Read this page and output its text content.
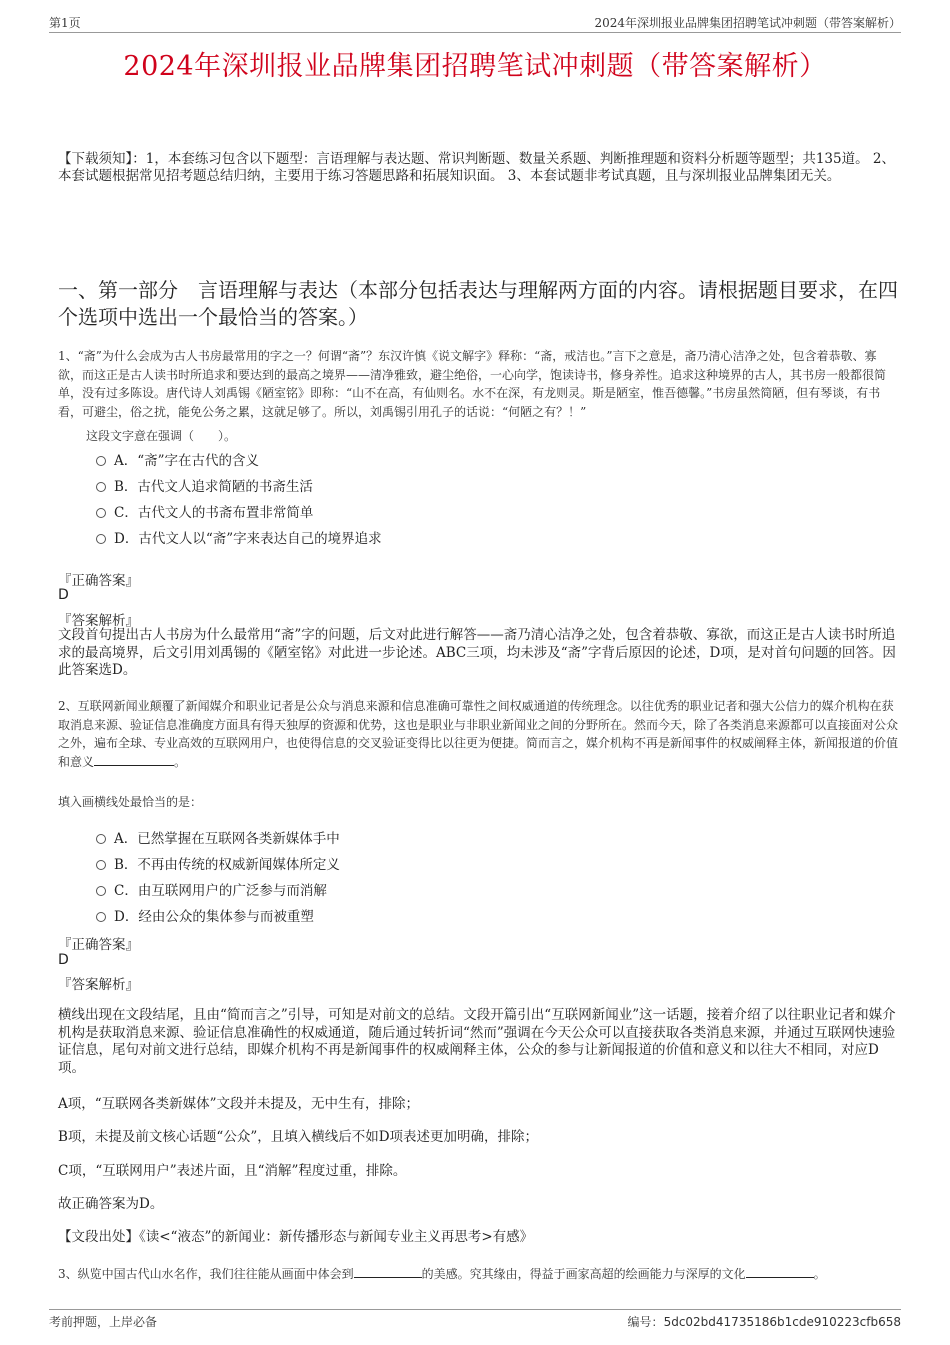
第1页	2024年深圳报业品牌集团招聘笔试冲刺题（带答案解析）
2024年深圳报业品牌集团招聘笔试冲刺题（带答案解析）
【下载须知】：1，本套练习包含以下题型：言语理解与表达题、常识判断题、数量关系题、判断推理题和资料分析题等题型；共135道。 2、本套试题根据常见招考题总结归纳，主要用于练习答题思路和拓展知识面。 3、本套试题非考试真题，且与深圳报业品牌集团无关。
一、第一部分　言语理解与表达（本部分包括表达与理解两方面的内容。请根据题目要求，在四个选项中选出一个最恰当的答案。）
1、“斋”为什么会成为古人书房最常用的字之一？何谓“斋”？东汉许慎《说文解字》释称：“斋，戒洁也。”言下之意是，斋乃清心洁净之处，包含着恭敬、寡欲，而这正是古人读书时所追求和要达到的最高之境界——清净雅致，避尘绝俗，一心向学，饱读诗书，修身养性。追求这种境界的古人，其书房一般都很简单，没有过多陈设。唐代诗人刘禹锡《陋室铭》即称：“山不在高，有仙则名。水不在深，有龙则灵。斯是陋室，惟吾德馨。”书房虽然简陋，但有琴谈，有书看，可避尘，俗之扰，能免公务之累，这就足够了。所以，刘禹锡引用孔子的话说：“何陋之有？！”
这段文字意在强调（　　）。
A．“斋”字在古代的含义
B．古代文人追求简陋的书斋生活
C．古代文人的书斋布置非常简单
D．古代文人以“斋”字来表达自己的境界追求
『正确答案』
D
『答案解析』
文段首句提出古人书房为什么最常用“斋”字的问题，后文对此进行解答——斋乃清心洁净之处，包含着恭敬、寡欲，而这正是古人读书时所追求的最高境界，后文引用刘禹锡的《陋室铭》对此进一步论述。ABC三项，均未涉及“斋”字背后原因的论述，D项，是对首句问题的回答。因此答案选D。
2、互联网新闻业颠覆了新闻媒介和职业记者是公众与消息来源和信息准确可靠性之间权威通道的传统理念。以往优秀的职业记者和强大公信力的媒介机构在获取消息来源、验证信息准确度方面具有得天独厚的资源和优势，这也是职业与非职业新闻业之间的分野所在。然而今天，除了各类消息来源都可以直接面对公众之外，遍布全球、专业高效的互联网用户，也使得信息的交叉验证变得比以往更为便捷。简而言之，媒介机构不再是新闻事件的权威阐释主体，新闻报道的价值和意义	。
填入画横线处最恰当的是：
A．已然掌握在互联网各类新媒体手中
B．不再由传统的权威新闻媒体所定义
C．由互联网用户的广泛参与而消解
D．经由公众的集体参与而被重塑
『正确答案』
D
『答案解析』
横线出现在文段结尾，且由“简而言之”引导，可知是对前文的总结。文段开篇引出“互联网新闻业”这一话题，接着介绍了以往职业记者和媒介机构是获取消息来源、验证信息准确性的权威通道，随后通过转折词“然而”强调在今天公众可以直接获取各类消息来源，并通过互联网快速验证信息，尾句对前文进行总结，即媒介机构不再是新闻事件的权威阐释主体，公众的参与让新闻报道的价值和意义和以往大不相同，对应D项。
A项，“互联网各类新媒体”文段并未提及，无中生有，排除；
B项，未提及前文核心话题“公众”，且填入横线后不如D项表述更加明确，排除；
C项，“互联网用户”表述片面，且“消解”程度过重，排除。
故正确答案为D。
【文段出处】《读<“液态”的新闻业：新传播形态与新闻专业主义再思考>有感》
3、纵览中国古代山水名作，我们往往能从画面中体会到	的美感。究其缘由，得益于画家高超的绘画能力与深厚的文化	。
考前押题，上岸必备	编号：5dc02bd41735186b1cde910223cfb658
